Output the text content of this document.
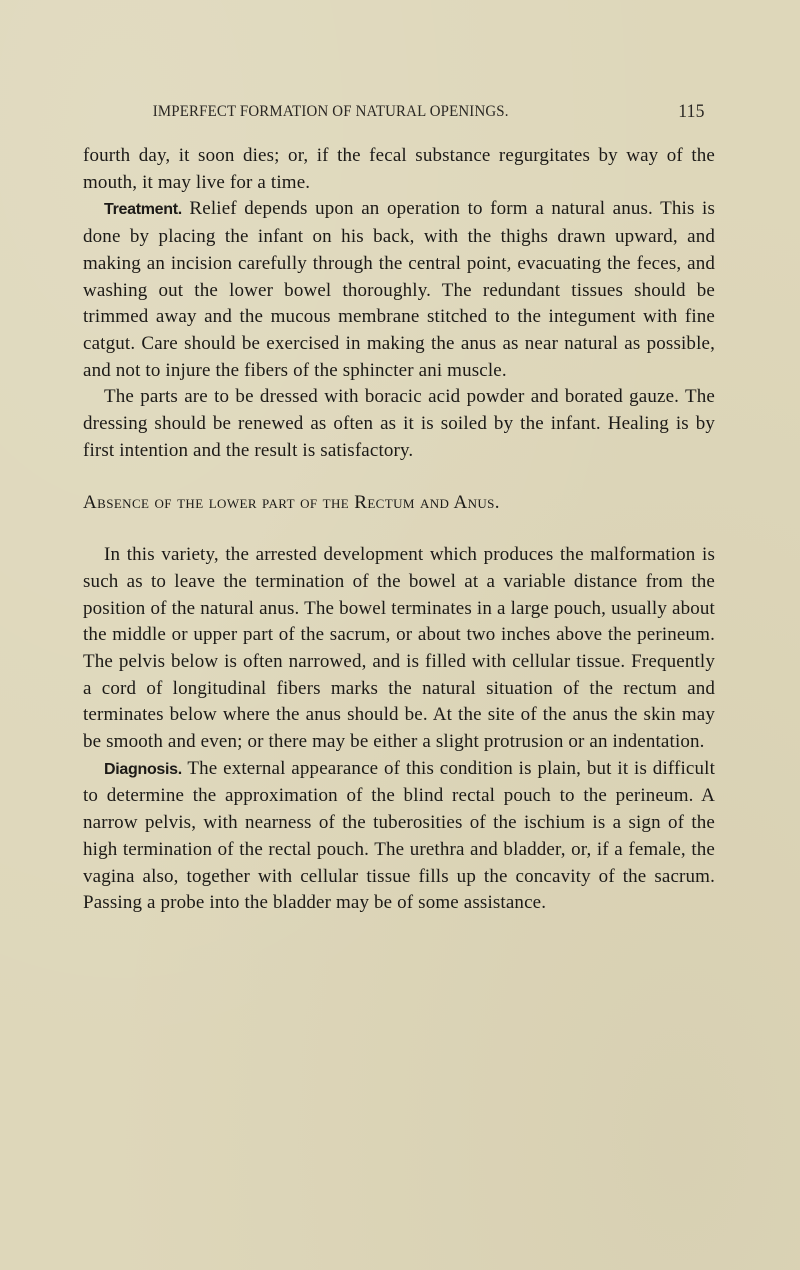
IMPERFECT FORMATION OF NATURAL OPENINGS.	115

fourth day, it soon dies; or, if the fecal substance regurgitates by way of the mouth, it may live for a time.

Treatment. Relief depends upon an operation to form a natural anus. This is done by placing the infant on his back, with the thighs drawn upward, and making an incision carefully through the central point, evacuating the feces, and washing out the lower bowel thoroughly. The redundant tissues should be trimmed away and the mucous membrane stitched to the integument with fine catgut. Care should be exercised in making the anus as near natural as possible, and not to injure the fibers of the sphincter ani muscle.

The parts are to be dressed with boracic acid powder and borated gauze. The dressing should be renewed as often as it is soiled by the infant. Healing is by first intention and the result is satisfactory.

Absence of the lower part of the Rectum and Anus.

In this variety, the arrested development which produces the malformation is such as to leave the termination of the bowel at a variable distance from the position of the natural anus. The bowel terminates in a large pouch, usually about the middle or upper part of the sacrum, or about two inches above the perineum. The pelvis below is often narrowed, and is filled with cellular tissue. Frequently a cord of longitudinal fibers marks the natural situation of the rectum and terminates below where the anus should be. At the site of the anus the skin may be smooth and even; or there may be either a slight protrusion or an indentation.

Diagnosis. The external appearance of this condition is plain, but it is difficult to determine the approximation of the blind rectal pouch to the perineum. A narrow pelvis, with nearness of the tuberosities of the ischium is a sign of the high termination of the rectal pouch. The urethra and bladder, or, if a female, the vagina also, together with cellular tissue fills up the concavity of the sacrum. Passing a probe into the bladder may be of some assistance.
